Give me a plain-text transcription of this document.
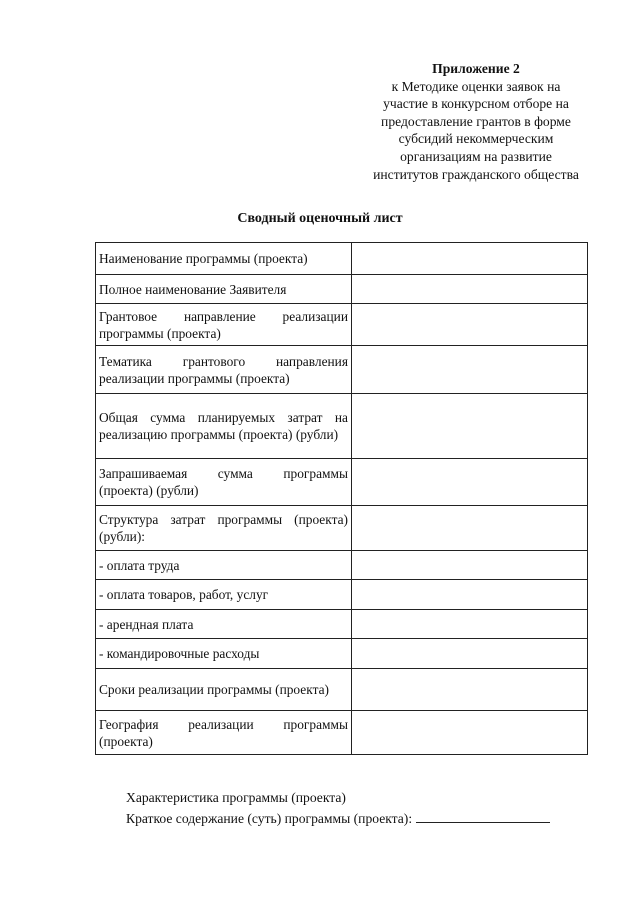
Приложение 2
к Методике оценки заявок на
участие в конкурсном отборе на
предоставление грантов в форме
субсидий некоммерческим
организациям на развитие
институтов гражданского общества
Сводный оценочный лист
Наименование программы (проекта)	
Полное наименование Заявителя	
Грантовое направление реализации программы (проекта)	
Тематика грантового направления реализации программы (проекта)	
Общая сумма планируемых затрат на реализацию программы (проекта) (рубли)	
Запрашиваемая сумма программы (проекта) (рубли)	
Структура затрат программы (проекта) (рубли):	
- оплата труда	
- оплата товаров, работ, услуг	
- арендная плата	
- командировочные расходы	
Сроки реализации программы (проекта)	
География реализации программы (проекта)	
Характеристика программы (проекта)
Краткое содержание (суть) программы (проекта):
